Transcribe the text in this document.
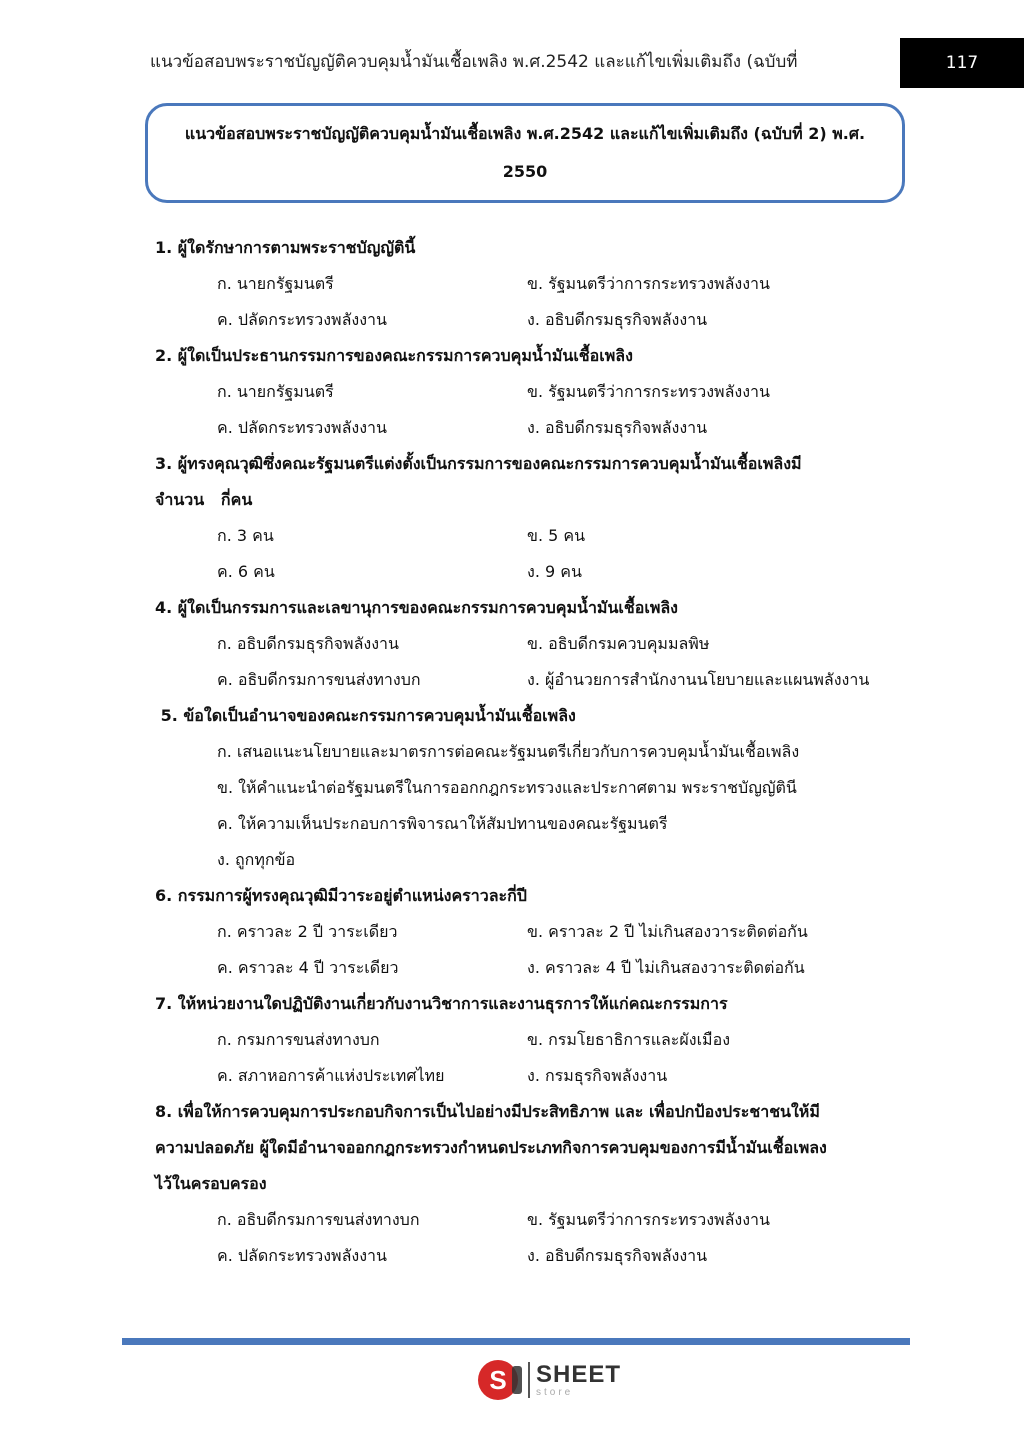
แนวข้อสอบพระราชบัญญัติควบคุมน้ำมันเชื้อเพลิง พ.ศ.2542 และแก้ไขเพิ่มเติมถึง (ฉบับที่	117
แนวข้อสอบพระราชบัญญัติควบคุมน้ำมันเชื้อเพลิง พ.ศ.2542 และแก้ไขเพิ่มเติมถึง (ฉบับที่ 2) พ.ศ.
2550
1. ผู้ใดรักษาการตามพระราชบัญญัตินี้
ก. นายกรัฐมนตรี	ข. รัฐมนตรีว่าการกระทรวงพลังงาน
ค. ปลัดกระทรวงพลังงาน	ง. อธิบดีกรมธุรกิจพลังงาน
2. ผู้ใดเป็นประธานกรรมการของคณะกรรมการควบคุมน้ำมันเชื้อเพลิง
ก. นายกรัฐมนตรี	ข. รัฐมนตรีว่าการกระทรวงพลังงาน
ค. ปลัดกระทรวงพลังงาน	ง. อธิบดีกรมธุรกิจพลังงาน
3. ผู้ทรงคุณวุฒิซึ่งคณะรัฐมนตรีแต่งตั้งเป็นกรรมการของคณะกรรมการควบคุมน้ำมันเชื้อเพลิงมี
จำนวน   กี่คน
ก. 3 คน	ข. 5 คน
ค. 6 คน	ง. 9 คน
4. ผู้ใดเป็นกรรมการและเลขานุการของคณะกรรมการควบคุมน้ำมันเชื้อเพลิง
ก. อธิบดีกรมธุรกิจพลังงาน	ข. อธิบดีกรมควบคุมมลพิษ
ค. อธิบดีกรมการขนส่งทางบก	ง. ผู้อำนวยการสำนักงานนโยบายและแผนพลังงาน
5. ข้อใดเป็นอำนาจของคณะกรรมการควบคุมน้ำมันเชื้อเพลิง
ก. เสนอแนะนโยบายและมาตรการต่อคณะรัฐมนตรีเกี่ยวกับการควบคุมน้ำมันเชื้อเพลิง
ข. ให้คำแนะนำต่อรัฐมนตรีในการออกกฎกระทรวงและประกาศตาม พระราชบัญญัตินี
ค. ให้ความเห็นประกอบการพิจารณาให้สัมปทานของคณะรัฐมนตรี
ง. ถูกทุกข้อ
6. กรรมการผู้ทรงคุณวุฒิมีวาระอยู่ตำแหน่งคราวละกี่ปี
ก. คราวละ 2 ปี วาระเดียว	ข. คราวละ 2 ปี ไม่เกินสองวาระติดต่อกัน
ค. คราวละ 4 ปี วาระเดียว	ง. คราวละ 4 ปี ไม่เกินสองวาระติดต่อกัน
7. ให้หน่วยงานใดปฏิบัติงานเกี่ยวกับงานวิชาการและงานธุรการให้แก่คณะกรรมการ
ก. กรมการขนส่งทางบก	ข. กรมโยธาธิการและผังเมือง
ค. สภาหอการค้าแห่งประเทศไทย	ง. กรมธุรกิจพลังงาน
8. เพื่อให้การควบคุมการประกอบกิจการเป็นไปอย่างมีประสิทธิภาพ และ เพื่อปกป้องประชาชนให้มี
ความปลอดภัย ผู้ใดมีอำนาจออกกฎกระทรวงกำหนดประเภทกิจการควบคุมของการมีน้ำมันเชื้อเพลง
ไว้ในครอบครอง
ก. อธิบดีกรมการขนส่งทางบก	ข. รัฐมนตรีว่าการกระทรวงพลังงาน
ค. ปลัดกระทรวงพลังงาน	ง. อธิบดีกรมธุรกิจพลังงาน
S	SHEET
store
